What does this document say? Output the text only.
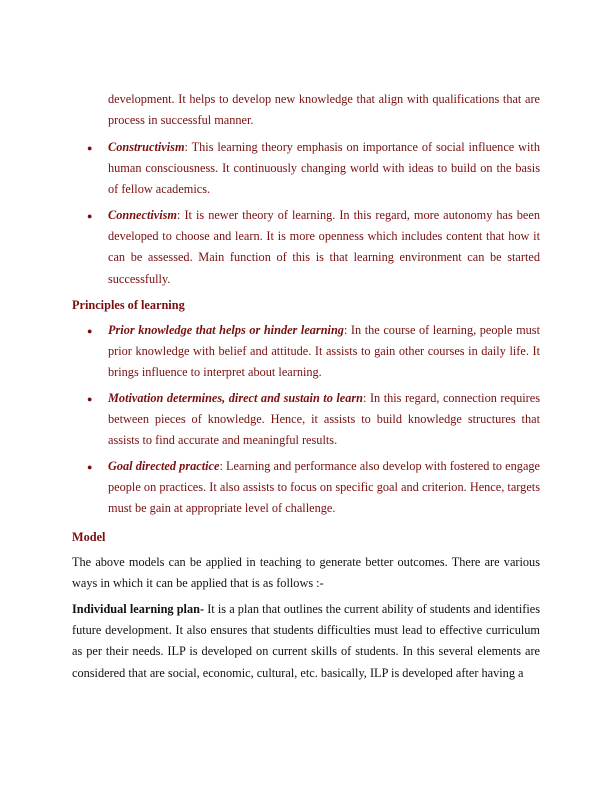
development. It helps to develop new knowledge that align with qualifications that are process in successful manner.

● Constructivism: This learning theory emphasis on importance of social influence with human consciousness. It continuously changing world with ideas to build on the basis of fellow academics.

● Connectivism: It is newer theory of learning. In this regard, more autonomy has been developed to choose and learn. It is more openness which includes content that how it can be assessed. Main function of this is that learning environment can be started successfully.

Principles of learning

● Prior knowledge that helps or hinder learning: In the course of learning, people must prior knowledge with belief and attitude. It assists to gain other courses in daily life. It brings influence to interpret about learning.

● Motivation determines, direct and sustain to learn: In this regard, connection requires between pieces of knowledge. Hence, it assists to build knowledge structures that assists to find accurate and meaningful results.

● Goal directed practice: Learning and performance also develop with fostered to engage people on practices. It also assists to focus on specific goal and criterion. Hence, targets must be gain at appropriate level of challenge.

Model

The above models can be applied in teaching to generate better outcomes. There are various ways in which it can be applied that is as follows :-

Individual learning plan- It is a plan that outlines the current ability of students and identifies future development. It also ensures that students difficulties must lead to effective curriculum as per their needs. ILP is developed on current skills of students. In this several elements are considered that are social, economic, cultural, etc. basically, ILP is developed after having a
